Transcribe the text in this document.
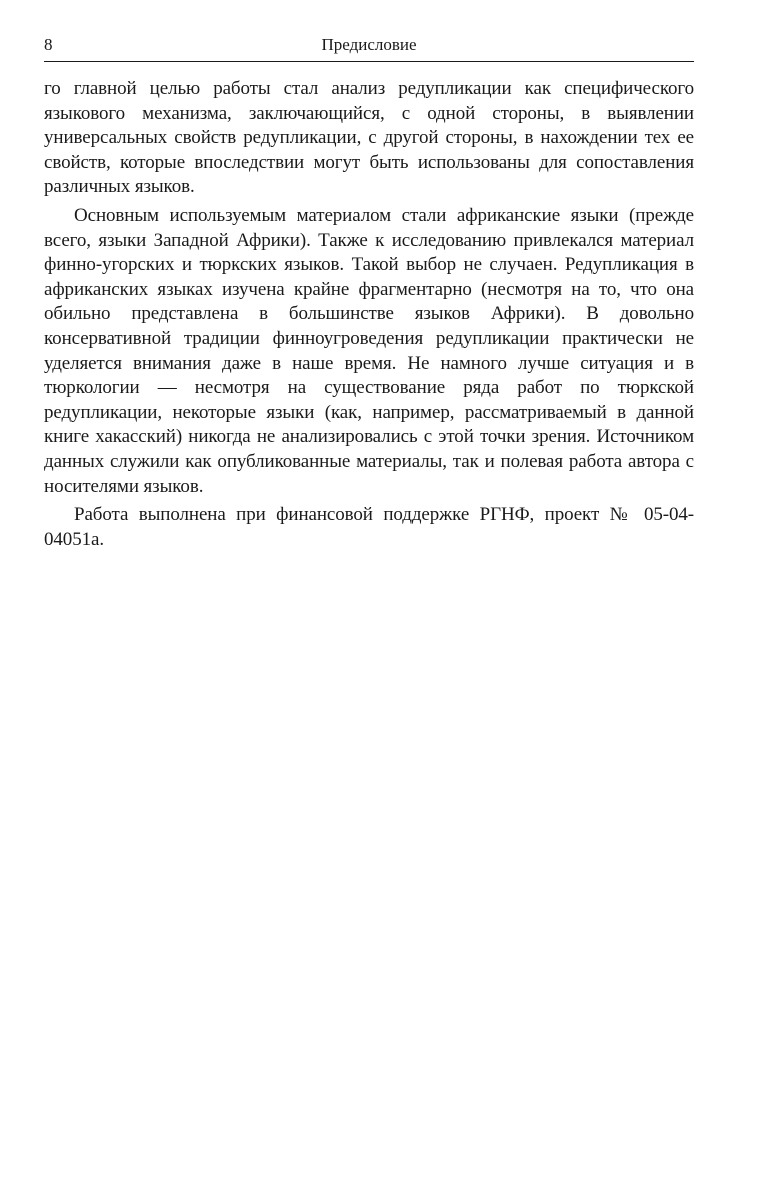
8	Предисловие

го главной целью работы стал анализ редупликации как специфического языкового механизма, заключающийся, с одной стороны, в выявлении универсальных свойств редупликации, с другой стороны, в нахождении тех ее свойств, которые впоследствии могут быть использованы для сопоставления различных языков.

Основным используемым материалом стали африканские языки (прежде всего, языки Западной Африки). Также к исследованию привлекался материал финно-угорских и тюркских языков. Такой выбор не случаен. Редупликация в африканских языках изучена крайне фрагментарно (несмотря на то, что она обильно представлена в большинстве языков Африки). В довольно консервативной традиции финноугроведения редупликации практически не уделяется внимания даже в наше время. Не намного лучше ситуация и в тюркологии — несмотря на существование ряда работ по тюркской редупликации, некоторые языки (как, например, рассматриваемый в данной книге хакасский) никогда не анализировались с этой точки зрения. Источником данных служили как опубликованные материалы, так и полевая работа автора с носителями языков.

Работа выполнена при финансовой поддержке РГНФ, проект № 05-04-04051а.
